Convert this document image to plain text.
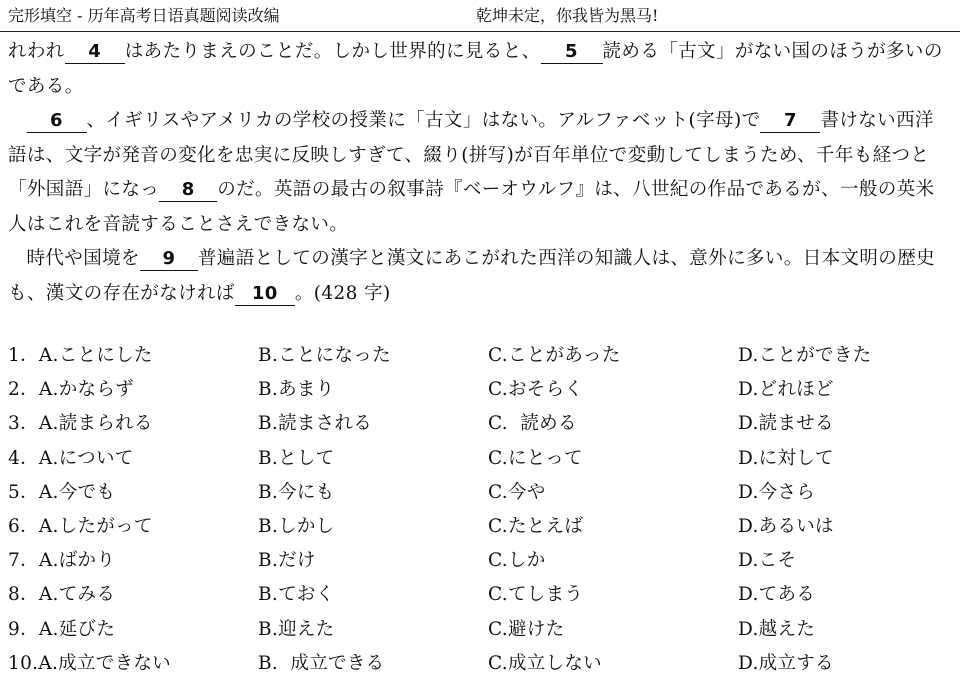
完形填空 - 历年高考日语真题阅读改编	乾坤未定，你我皆为黑马!

れわれ 4 はあたりまえのことだ。しかし世界的に見ると、 5 読める「古文」がない国のほうが多いのである。

6 、イギリスやアメリカの学校の授業に「古文」はない。アルファベット(字母)で 7 書けない西洋語は、文字が発音の変化を忠実に反映しすぎて、綴り(拼写)が百年単位で変動してしまうため、千年も経つと「外国語」になっ 8 のだ。英語の最古の叙事詩『ベーオウルフ』は、八世紀の作品であるが、一般の英米人はこれを音読することさえできない。

時代や国境を 9 普遍語としての漢字と漢文にあこがれた西洋の知識人は、意外に多い。日本文明の歴史も、漢文の存在がなければ 10 。(428 字)

1．A.ことにした	B.ことになった	C.ことがあった	D.ことができた
2．A.かならず	B.あまり	C.おそらく	D.どれほど
3．A.読まられる	B.読まされる	C.  読める	D.読ませる
4．A.について	B.として	C.にとって	D.に対して
5．A.今でも	B.今にも	C.今や	D.今さら
6．A.したがって	B.しかし	C.たとえば	D.あるいは
7．A.ばかり	B.だけ	C.しか	D.こそ
8．A.てみる	B.ておく	C.てしまう	D.てある
9．A.延びた	B.迎えた	C.避けた	D.越えた
10.A.成立できない	B.  成立できる	C.成立しない	D.成立する
